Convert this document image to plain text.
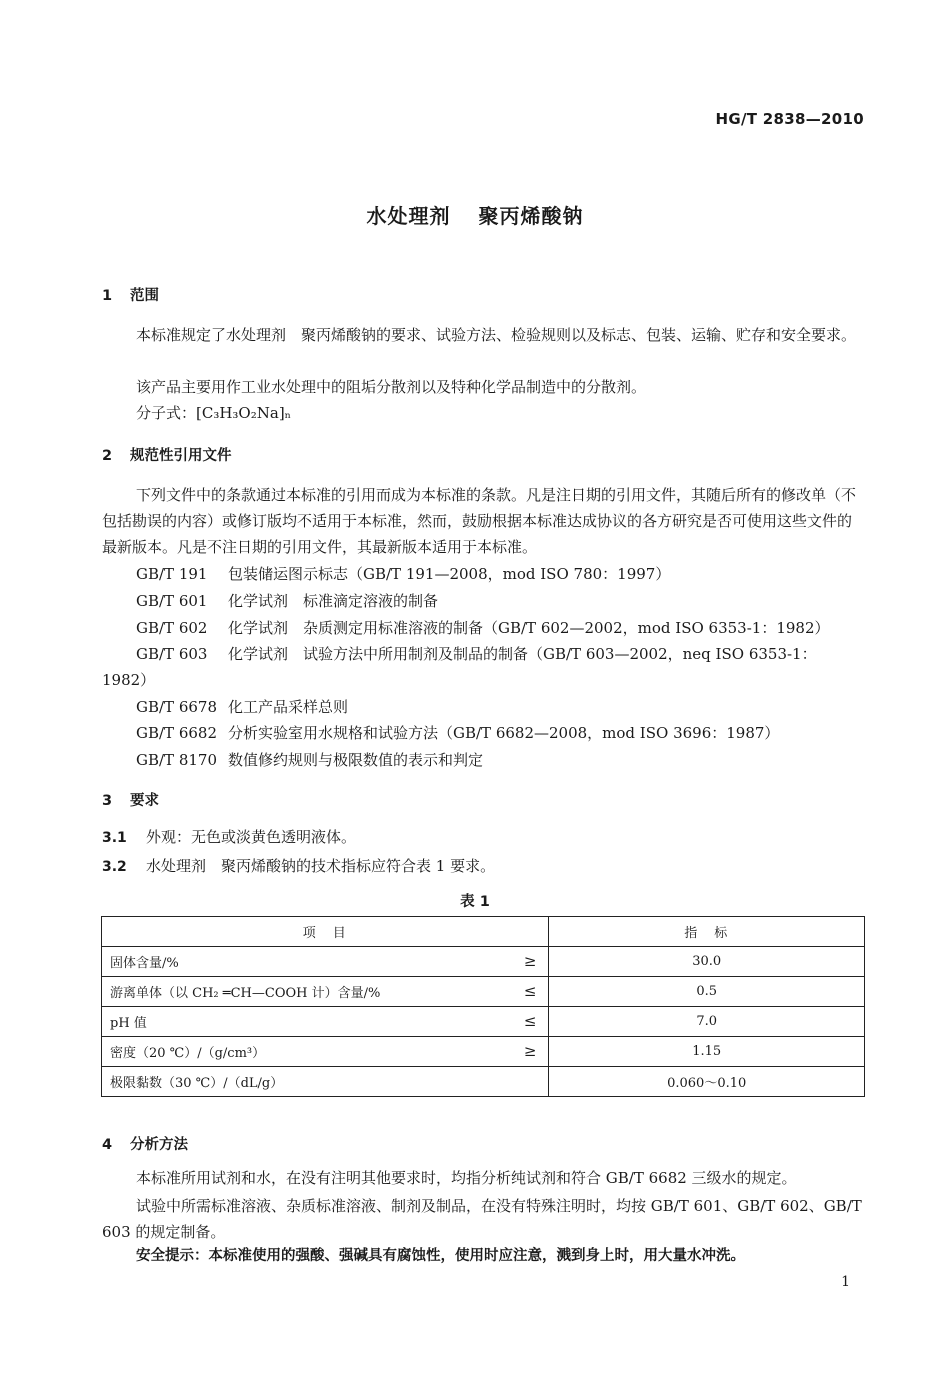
HG/T 2838—2010
水处理剂 聚丙烯酸钠
1 范围
本标准规定了水处理剂　聚丙烯酸钠的要求、试验方法、检验规则以及标志、包装、运输、贮存和安全要求。
该产品主要用作工业水处理中的阻垢分散剂以及特种化学品制造中的分散剂。
分子式：[C₃H₃O₂Na]ₙ
2 规范性引用文件
下列文件中的条款通过本标准的引用而成为本标准的条款。凡是注日期的引用文件，其随后所有的修改单（不包括勘误的内容）或修订版均不适用于本标准，然而，鼓励根据本标准达成协议的各方研究是否可使用这些文件的最新版本。凡是不注日期的引用文件，其最新版本适用于本标准。
GB/T 191 包装储运图示标志（GB/T 191—2008，mod ISO 780：1997）
GB/T 601 化学试剂　标准滴定溶液的制备
GB/T 602 化学试剂　杂质测定用标准溶液的制备（GB/T 602—2002，mod ISO 6353-1：1982）
GB/T 603 化学试剂　试验方法中所用制剂及制品的制备（GB/T 603—2002，neq ISO 6353-1：
1982）
GB/T 6678 化工产品采样总则
GB/T 6682 分析实验室用水规格和试验方法（GB/T 6682—2008，mod ISO 3696：1987）
GB/T 8170 数值修约规则与极限数值的表示和判定
3 要求
3.1 外观：无色或淡黄色透明液体。
3.2 水处理剂　聚丙烯酸钠的技术指标应符合表 1 要求。
表 1
项　目	指　标
固体含量/% ≥	30.0
游离单体（以 CH₂ ═CH—COOH 计）含量/% ≤	0.5
pH 值 ≤	7.0
密度（20 ℃）/（g/cm³） ≥	1.15
极限黏数（30 ℃）/（dL/g）	0.060～0.10
4 分析方法
本标准所用试剂和水，在没有注明其他要求时，均指分析纯试剂和符合 GB/T 6682 三级水的规定。
试验中所需标准溶液、杂质标准溶液、制剂及制品，在没有特殊注明时，均按 GB/T 601、GB/T 602、GB/T 603 的规定制备。
安全提示：本标准使用的强酸、强碱具有腐蚀性，使用时应注意，溅到身上时，用大量水冲洗。
1
